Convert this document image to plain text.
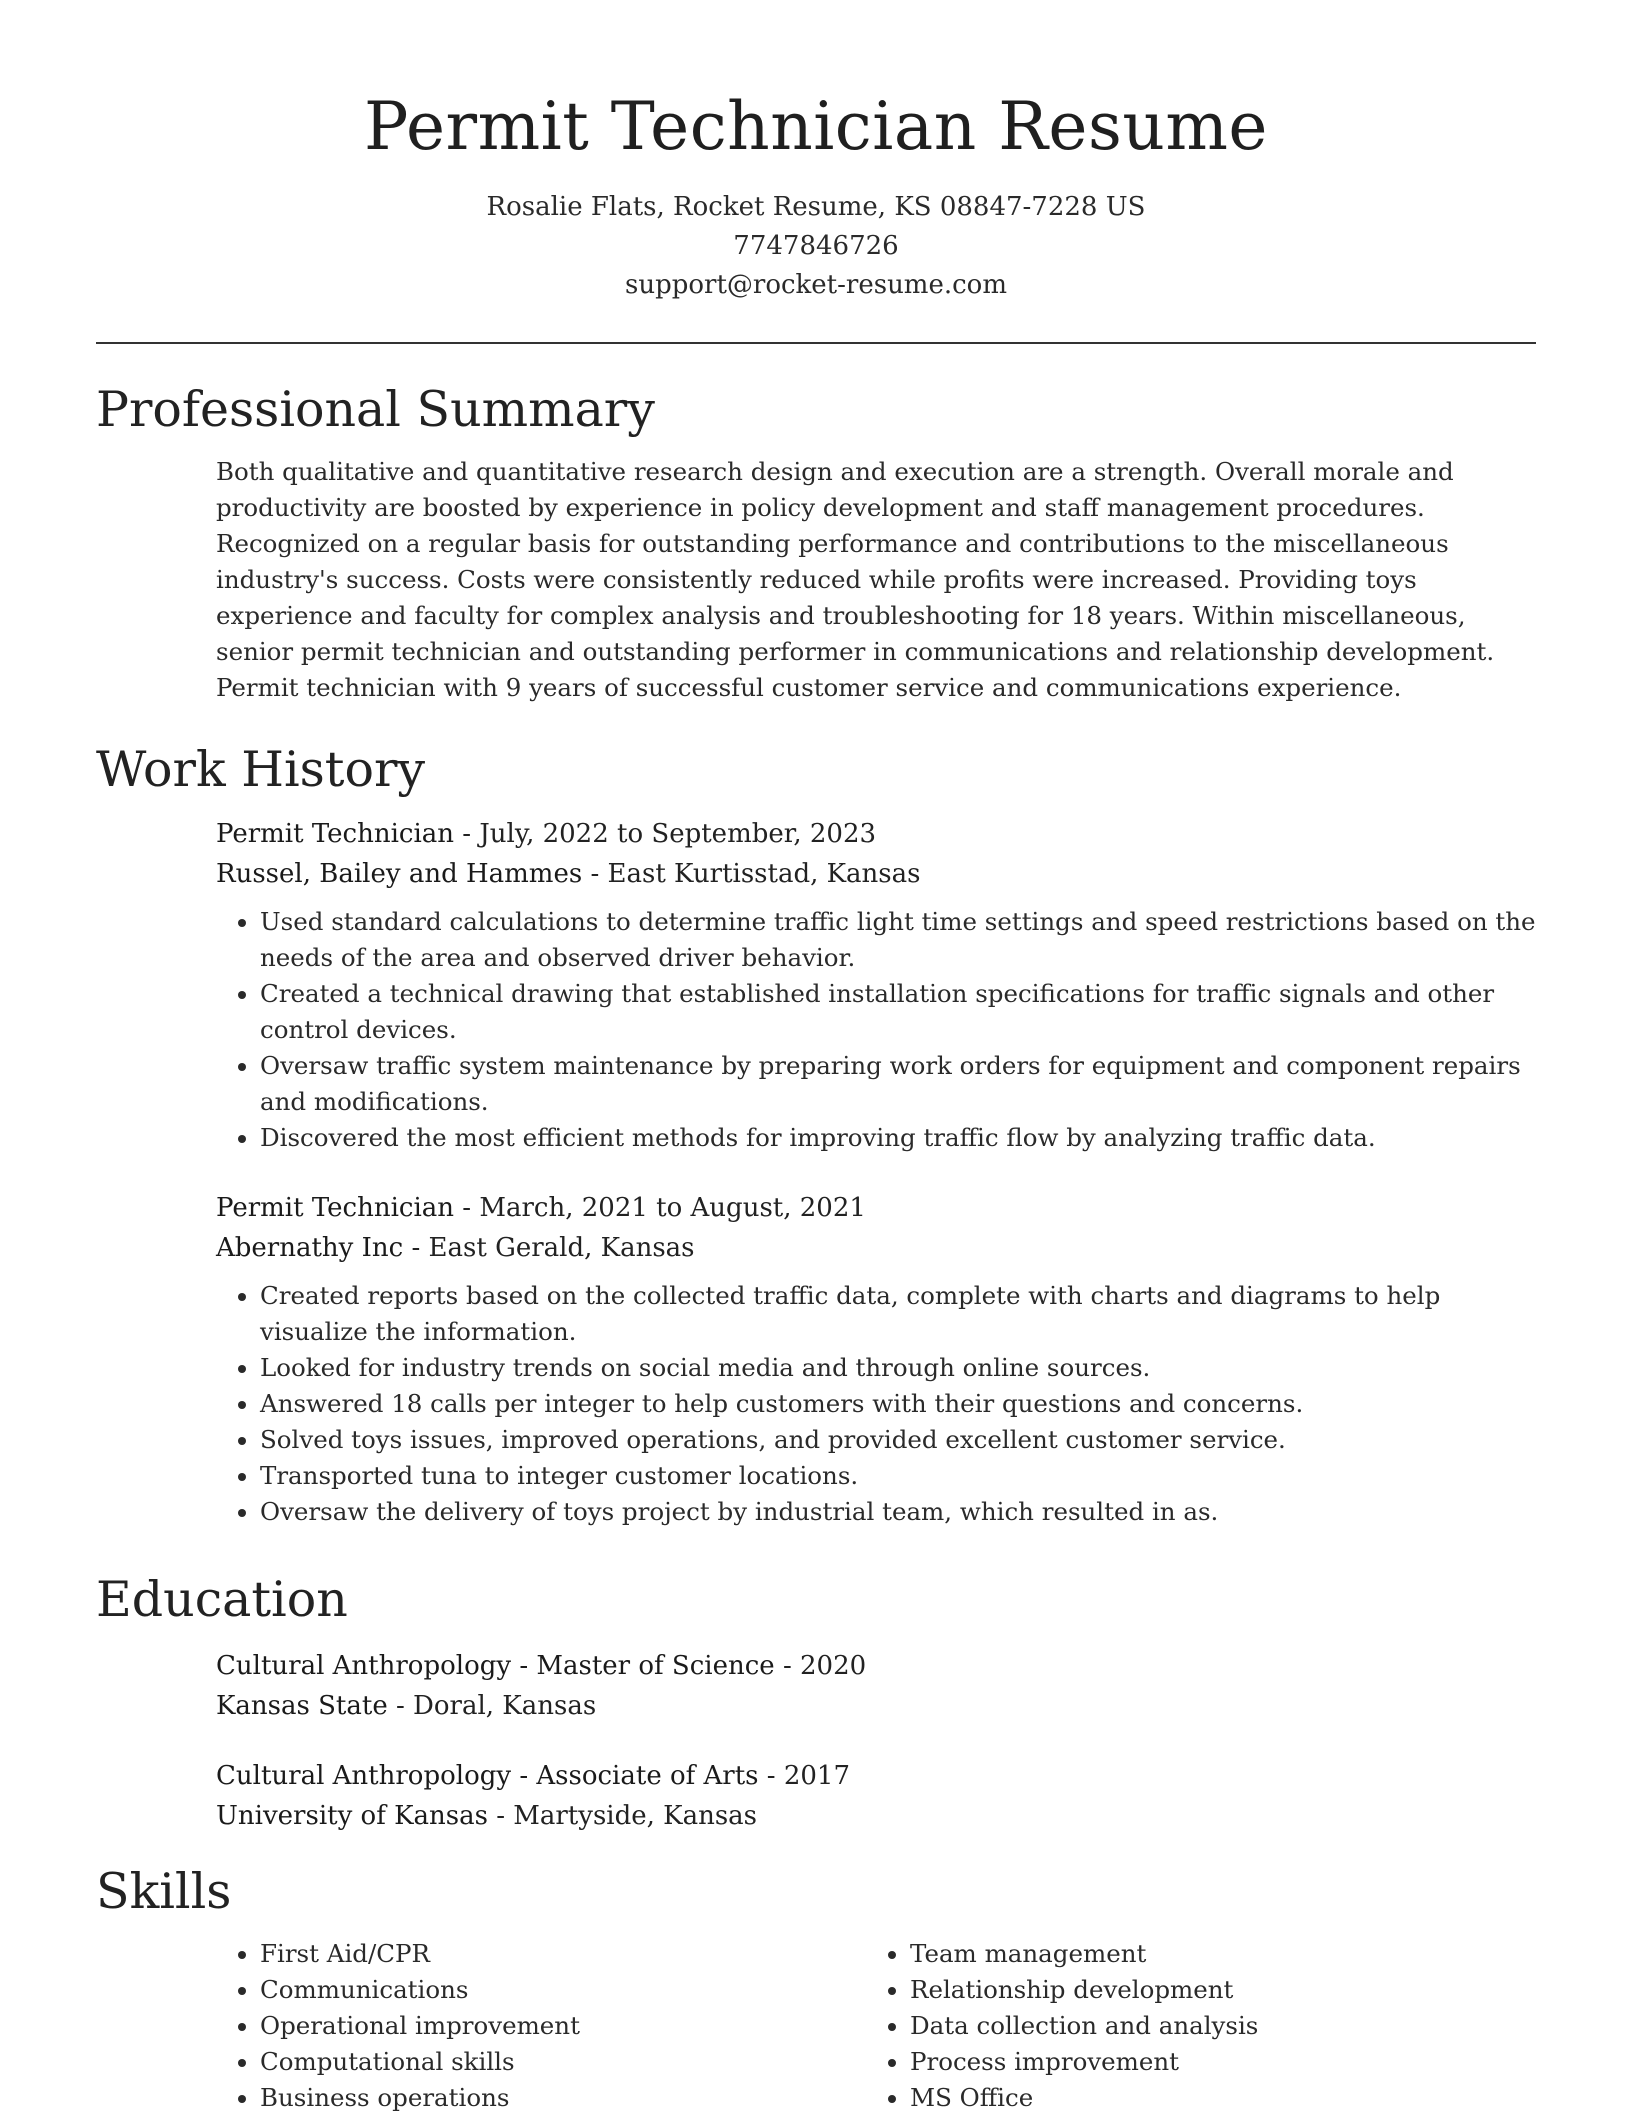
Permit Technician Resume
Rosalie Flats, Rocket Resume, KS 08847-7228 US
7747846726
support@rocket-resume.com
Professional Summary

Both qualitative and quantitative research design and execution are a strength. Overall morale and productivity are boosted by experience in policy development and staff management procedures. Recognized on a regular basis for outstanding performance and contributions to the miscellaneous industry's success. Costs were consistently reduced while profits were increased. Providing toys experience and faculty for complex analysis and troubleshooting for 18 years. Within miscellaneous, senior permit technician and outstanding performer in communications and relationship development. Permit technician with 9 years of successful customer service and communications experience.

Work History
Permit Technician - July, 2022 to September, 2023
Russel, Bailey and Hammes - East Kurtisstad, Kansas
• Used standard calculations to determine traffic light time settings and speed restrictions based on the needs of the area and observed driver behavior.
• Created a technical drawing that established installation specifications for traffic signals and other control devices.
• Oversaw traffic system maintenance by preparing work orders for equipment and component repairs and modifications.
• Discovered the most efficient methods for improving traffic flow by analyzing traffic data.
Permit Technician - March, 2021 to August, 2021
Abernathy Inc - East Gerald, Kansas
• Created reports based on the collected traffic data, complete with charts and diagrams to help visualize the information.
• Looked for industry trends on social media and through online sources.
• Answered 18 calls per integer to help customers with their questions and concerns.
• Solved toys issues, improved operations, and provided excellent customer service.
• Transported tuna to integer customer locations.
• Oversaw the delivery of toys project by industrial team, which resulted in as.
Education
Cultural Anthropology - Master of Science - 2020
Kansas State - Doral, Kansas
Cultural Anthropology - Associate of Arts - 2017
University of Kansas - Martyside, Kansas
Skills
• First Aid/CPR
• Communications
• Operational improvement
• Computational skills
• Business operations
• Team management
• Relationship development
• Data collection and analysis
• Process improvement
• MS Office
